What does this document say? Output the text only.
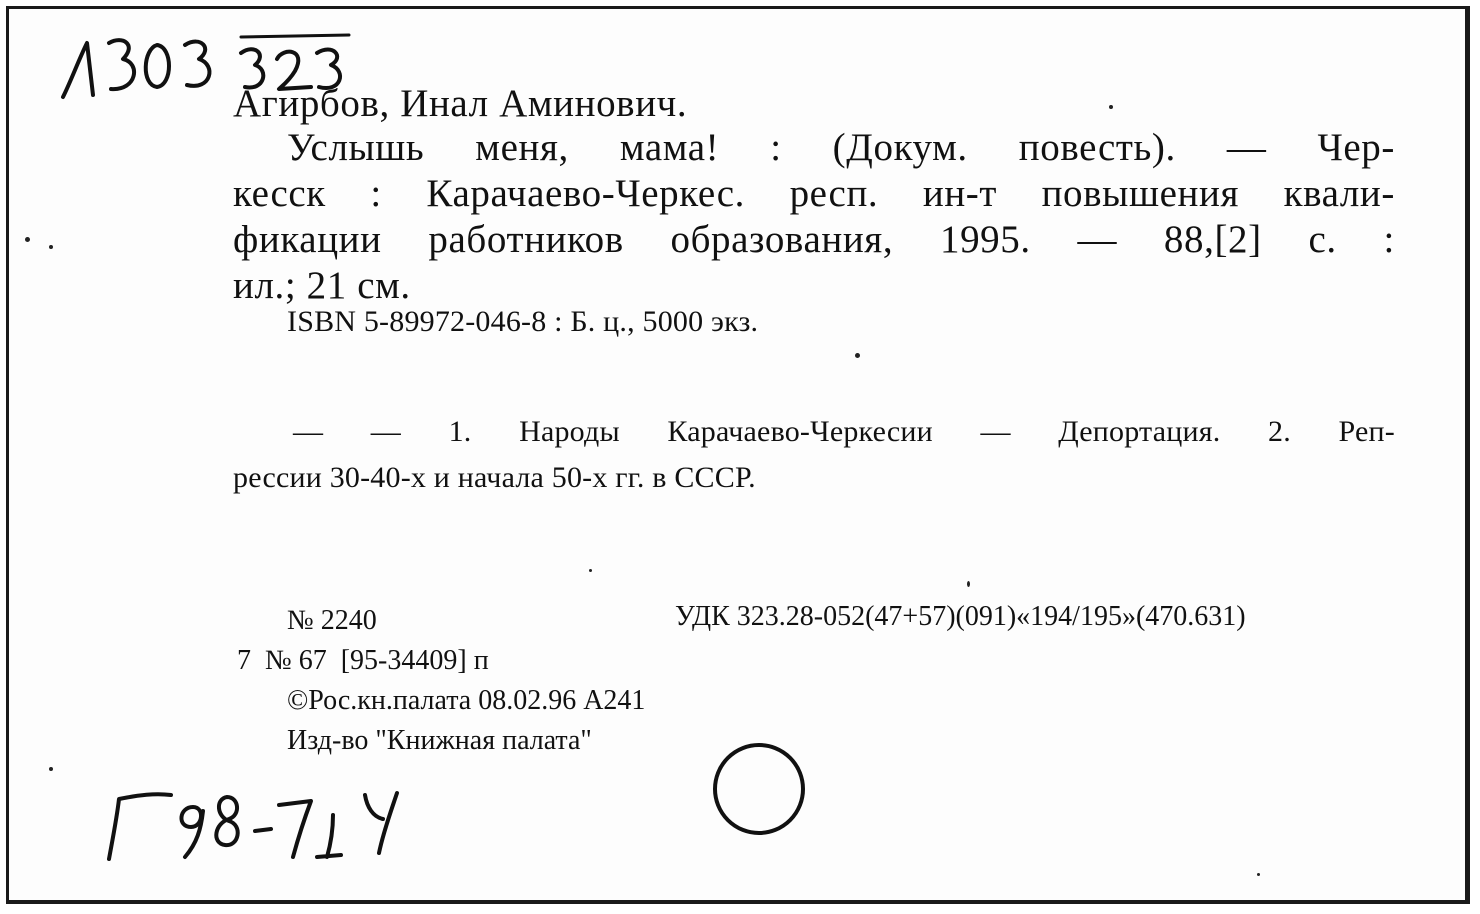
Агирбов, Инал Аминович.

Услышь меня, мама! : (Докум. повесть). — Чер-

кесск : Карачаево-Черкес. респ. ин-т повышения квали-

фикации работников образования, 1995. — 88,[2] с. :

ил.; 21 см.

ISBN 5-89972-046-8 : Б. ц., 5000 экз.

— — 1. Народы Карачаево-Черкесии — Депортация. 2. Реп-

рессии 30-40-х и начала 50-х гг. в СССР.

№ 2240	УДК 323.28-052(47+57)(091)«194/195»(470.631)

7  № 67  [95-34409] п

©Рос.кн.палата 08.02.96 А241

Изд-во "Книжная палата"
